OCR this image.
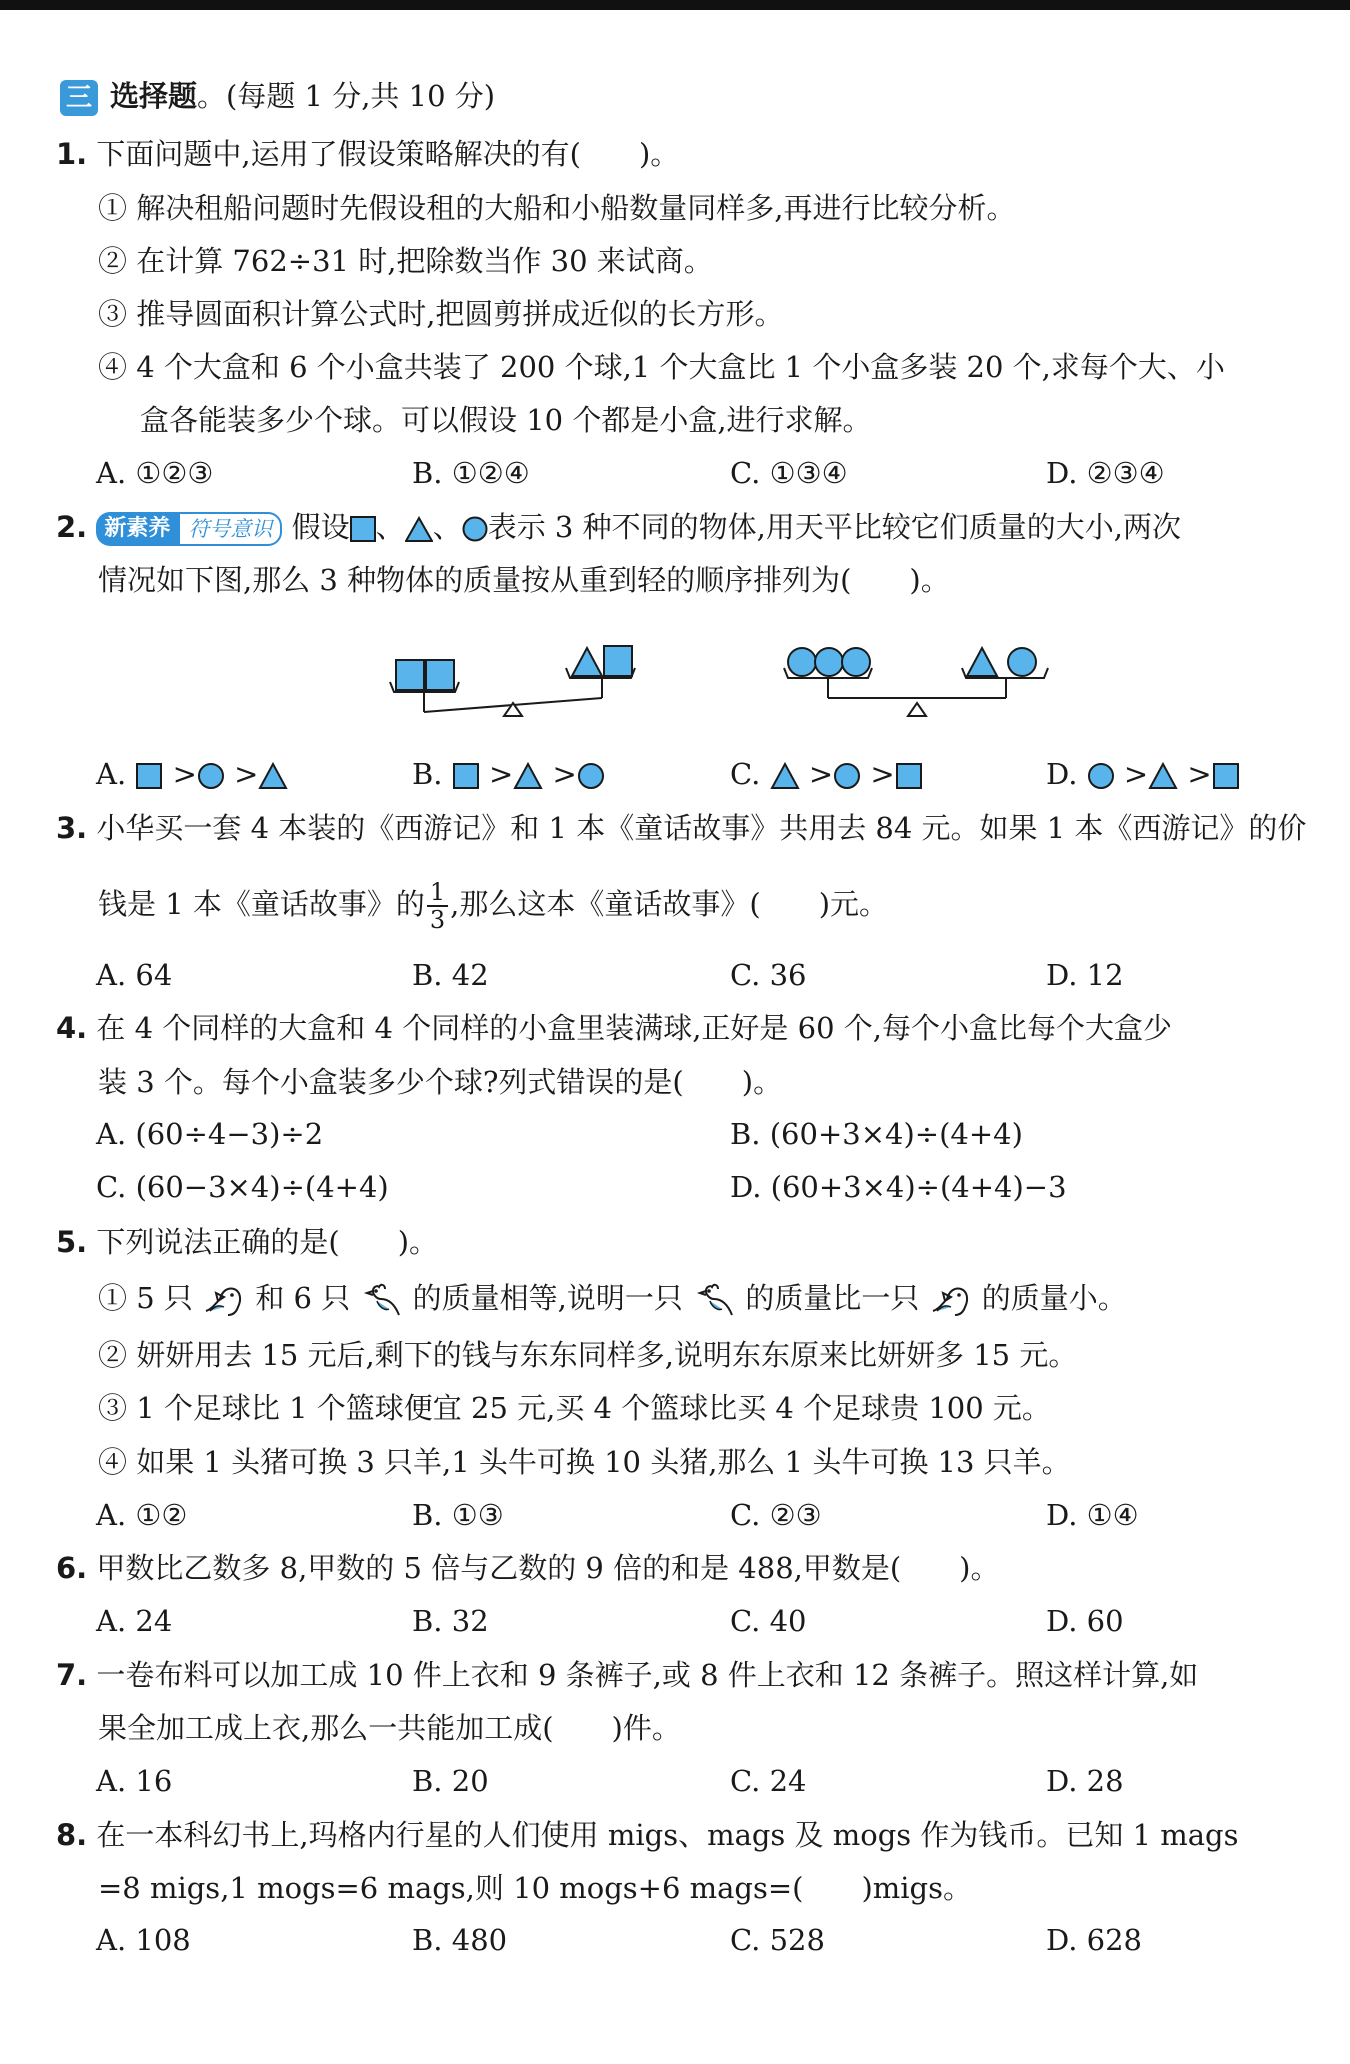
三 选择题。(每题 1 分,共 10 分)
1. 下面问题中,运用了假设策略解决的有(　　)。
① 解决租船问题时先假设租的大船和小船数量同样多,再进行比较分析。
② 在计算 762÷31 时,把除数当作 30 来试商。
③ 推导圆面积计算公式时,把圆剪拼成近似的长方形。
④ 4 个大盒和 6 个小盒共装了 200 个球,1 个大盒比 1 个小盒多装 20 个,求每个大、小
盒各能装多少个球。可以假设 10 个都是小盒,进行求解。
A. ①②③	B. ①②④	C. ①③④	D. ②③④
2. 新素养 符号意识 假设 、 、 表示 3 种不同的物体,用天平比较它们质量的大小,两次
情况如下图,那么 3 种物体的质量按从重到轻的顺序排列为(　　)。
A. > >	B. > >	C. > >	D. > >
3. 小华买一套 4 本装的《西游记》和 1 本《童话故事》共用去 84 元。如果 1 本《西游记》的价
钱是 1 本《童话故事》的 $\frac{1}{3}$ ,那么这本《童话故事》(　　)元。
A. 64	B. 42	C. 36	D. 12
4. 在 4 个同样的大盒和 4 个同样的小盒里装满球,正好是 60 个,每个小盒比每个大盒少
装 3 个。每个小盒装多少个球?列式错误的是(　　)。
A. (60÷4−3)÷2	B. (60+3×4)÷(4+4)
C. (60−3×4)÷(4+4)	D. (60+3×4)÷(4+4)−3
5. 下列说法正确的是(　　)。
① 5 只 和 6 只 的质量相等,说明一只 的质量比一只 的质量小。
② 妍妍用去 15 元后,剩下的钱与东东同样多,说明东东原来比妍妍多 15 元。
③ 1 个足球比 1 个篮球便宜 25 元,买 4 个篮球比买 4 个足球贵 100 元。
④ 如果 1 头猪可换 3 只羊,1 头牛可换 10 头猪,那么 1 头牛可换 13 只羊。
A. ①②	B. ①③	C. ②③	D. ①④
6. 甲数比乙数多 8,甲数的 5 倍与乙数的 9 倍的和是 488,甲数是(　　)。
A. 24	B. 32	C. 40	D. 60
7. 一卷布料可以加工成 10 件上衣和 9 条裤子,或 8 件上衣和 12 条裤子。照这样计算,如
果全加工成上衣,那么一共能加工成(　　)件。
A. 16	B. 20	C. 24	D. 28
8. 在一本科幻书上,玛格内行星的人们使用 migs、mags 及 mogs 作为钱币。已知 1 mags
=8 migs,1 mogs=6 mags,则 10 mogs+6 mags=(　　)migs。
A. 108	B. 480	C. 528	D. 628
